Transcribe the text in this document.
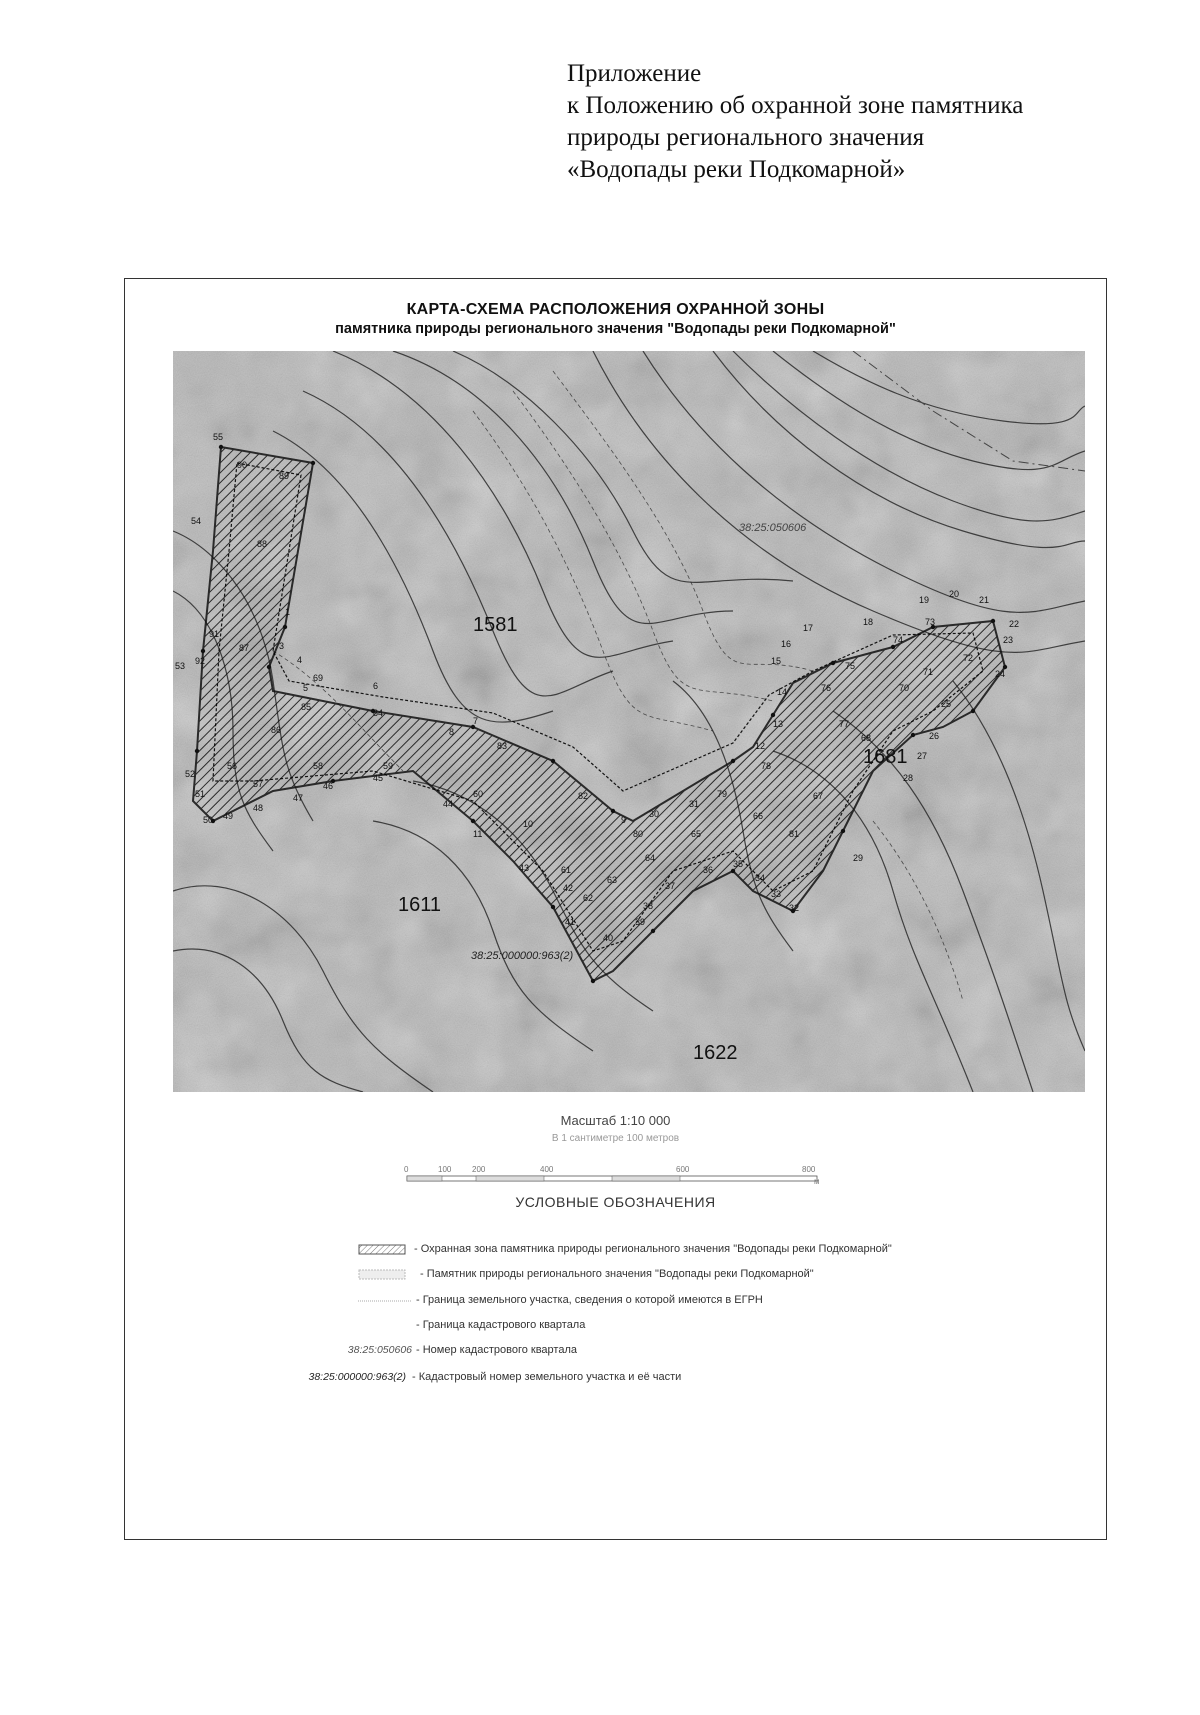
Приложение
к Положению об охранной зоне памятника
природы регионального значения
«Водопады реки Подкомарной»
КАРТА-СХЕМА РАСПОЛОЖЕНИЯ ОХРАННОЙ ЗОНЫ
памятника природы регионального значения "Водопады реки Подкомарной"
55
90
89
54
88
87	3
92
53
5
85
6
84
86
7
83
56	58	59
52
57
60	82
30
31
9
80
79
78
12
13
14
15
16
17
18
19
20
21
22
23
24
74
73
72
71
70
75
76
77
68
25
26
27
28
67
66
65
64
63
62
61
10
11
29
32
33
34
35
36
37
38
39
40
41
42
43
44
45
46
47
48
49
50
51
91
1
4
69
8
81
1581
1611
1681
1622
38:25:050606
38:25:000000:963(2)
Масштаб 1:10 000
В 1 сантиметре 100 метров
0	100	200	400	600	800
м
УСЛОВНЫЕ ОБОЗНАЧЕНИЯ
- Охранная зона памятника природы регионального значения "Водопады реки Подкомарной"
- Памятник природы регионального значения "Водопады реки Подкомарной"
- Граница земельного участка, сведения о которой имеются в ЕГРН
- Граница кадастрового квартала
38:25:050606 - Номер кадастрового квартала
38:25:000000:963(2) - Кадастровый номер земельного участка и её части
